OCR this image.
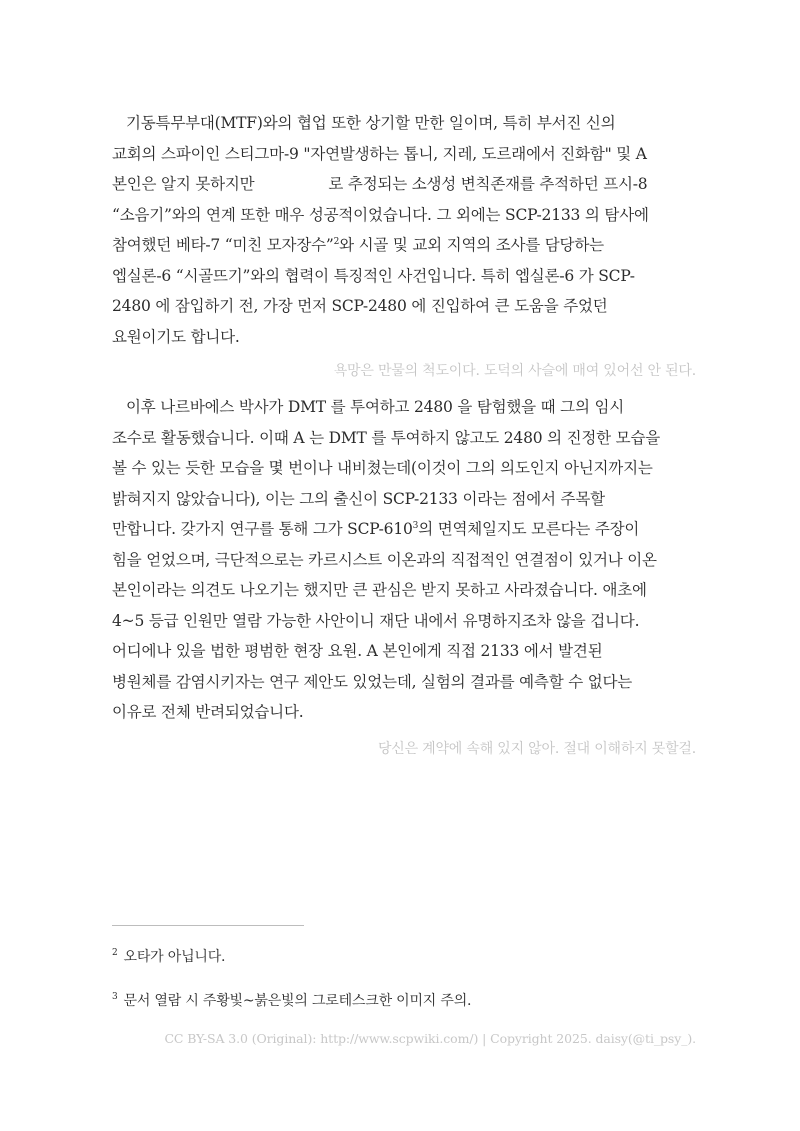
기동특무부대(MTF)와의 협업 또한 상기할 만한 일이며, 특히 부서진 신의
교회의 스파이인 스티그마-9 "자연발생하는 톱니, 지레, 도르래에서 진화함" 및 A
본인은 알지 못하지만	로 추정되는 소생성 변칙존재를 추적하던 프시-8
“소음기”와의 연계 또한 매우 성공적이었습니다. 그 외에는 SCP-2133 의 탐사에
참여했던 베타-7 “미친 모자장수”$^2$와 시골 및 교외 지역의 조사를 담당하는
엡실론-6 “시골뜨기”와의 협력이 특징적인 사건입니다. 특히 엡실론-6 가 SCP-
2480 에 잠입하기 전, 가장 먼저 SCP-2480 에 진입하여 큰 도움을 주었던
요원이기도 합니다.

욕망은 만물의 척도이다. 도덕의 사슬에 매여 있어선 안 된다.

이후 나르바에스 박사가 DMT 를 투여하고 2480 을 탐험했을 때 그의 임시
조수로 활동했습니다. 이때 A 는 DMT 를 투여하지 않고도 2480 의 진정한 모습을
볼 수 있는 듯한 모습을 몇 번이나 내비쳤는데(이것이 그의 의도인지 아닌지까지는
밝혀지지 않았습니다), 이는 그의 출신이 SCP-2133 이라는 점에서 주목할
만합니다. 갖가지 연구를 통해 그가 SCP-$610^3$의 면역체일지도 모른다는 주장이
힘을 얻었으며, 극단적으로는 카르시스트 이온과의 직접적인 연결점이 있거나 이온
본인이라는 의견도 나오기는 했지만 큰 관심은 받지 못하고 사라졌습니다. 애초에
4~5 등급 인원만 열람 가능한 사안이니 재단 내에서 유명하지조차 않을 겁니다.
어디에나 있을 법한 평범한 현장 요원. A 본인에게 직접 2133 에서 발견된
병원체를 감염시키자는 연구 제안도 있었는데, 실험의 결과를 예측할 수 없다는
이유로 전체 반려되었습니다.

당신은 계약에 속해 있지 않아. 절대 이해하지 못할걸.

$^2$ 오타가 아닙니다.
$^3$ 문서 열람 시 주황빛~붉은빛의 그로테스크한 이미지 주의.
CC BY-SA 3.0 (Original): http://www.scpwiki.com/) | Copyright 2025. daisy(@ti_psy_).
